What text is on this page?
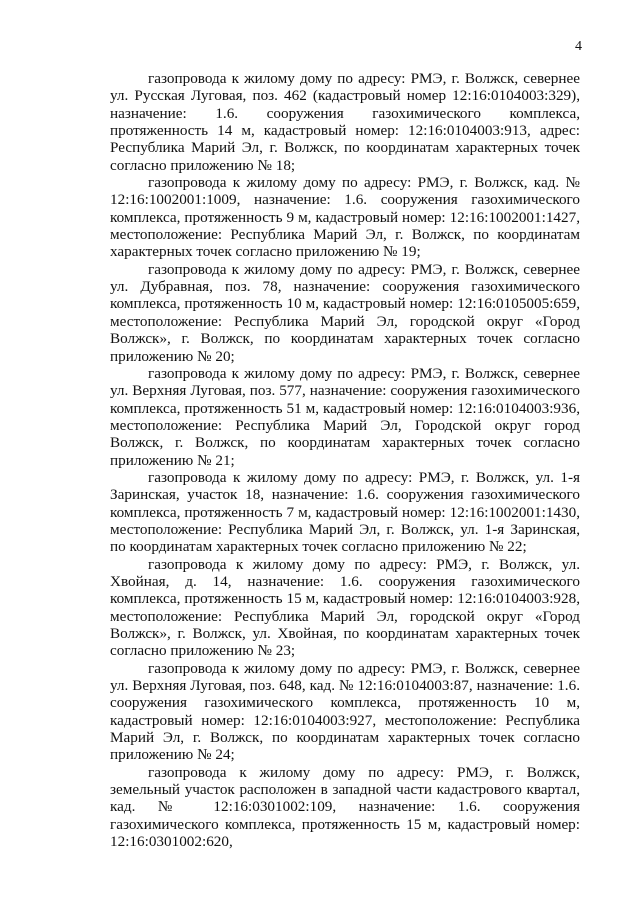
4

газопровода к жилому дому по адресу: РМЭ, г. Волжск, севернее ул. Русская Луговая, поз. 462 (кадастровый номер 12:16:0104003:329), назначение: 1.6. сооружения газохимического комплекса, протяженность 14 м, кадастровый номер: 12:16:0104003:913, адрес: Республика Марий Эл, г. Волжск, по координатам характерных точек согласно приложению № 18;

газопровода к жилому дому по адресу: РМЭ, г. Волжск, кад. № 12:16:1002001:1009, назначение: 1.6. сооружения газохимического комплекса, протяженность 9 м, кадастровый номер: 12:16:1002001:1427, местоположение: Республика Марий Эл, г. Волжск, по координатам характерных точек согласно приложению № 19;

газопровода к жилому дому по адресу: РМЭ, г. Волжск, севернее ул. Дубравная, поз. 78, назначение: сооружения газохимического комплекса, протяженность 10 м, кадастровый номер: 12:16:0105005:659, местоположение: Республика Марий Эл, городской округ «Город Волжск», г. Волжск, по координатам характерных точек согласно приложению № 20;

газопровода к жилому дому по адресу: РМЭ, г. Волжск, севернее ул. Верхняя Луговая, поз. 577, назначение: сооружения газохимического комплекса, протяженность 51 м, кадастровый номер: 12:16:0104003:936, местоположение: Республика Марий Эл, Городской округ город Волжск, г. Волжск, по координатам характерных точек согласно приложению № 21;

газопровода к жилому дому по адресу: РМЭ, г. Волжск, ул. 1-я Заринская, участок 18, назначение: 1.6. сооружения газохимического комплекса, протяженность 7 м, кадастровый номер: 12:16:1002001:1430, местоположение: Республика Марий Эл, г. Волжск, ул. 1-я Заринская, по координатам характерных точек согласно приложению № 22;

газопровода к жилому дому по адресу: РМЭ, г. Волжск, ул. Хвойная, д. 14, назначение: 1.6. сооружения газохимического комплекса, протяженность 15 м, кадастровый номер: 12:16:0104003:928, местоположение: Республика Марий Эл, городской округ «Город Волжск», г. Волжск, ул. Хвойная, по координатам характерных точек согласно приложению № 23;

газопровода к жилому дому по адресу: РМЭ, г. Волжск, севернее ул. Верхняя Луговая, поз. 648, кад. № 12:16:0104003:87, назначение: 1.6. сооружения газохимического комплекса, протяженность 10 м, кадастровый номер: 12:16:0104003:927, местоположение: Республика Марий Эл, г. Волжск, по координатам характерных точек согласно приложению № 24;

газопровода к жилому дому по адресу: РМЭ, г. Волжск, земельный участок расположен в западной части кадастрового квартал, кад. № 12:16:0301002:109, назначение: 1.6. сооружения газохимического комплекса, протяженность 15 м, кадастровый номер: 12:16:0301002:620,
